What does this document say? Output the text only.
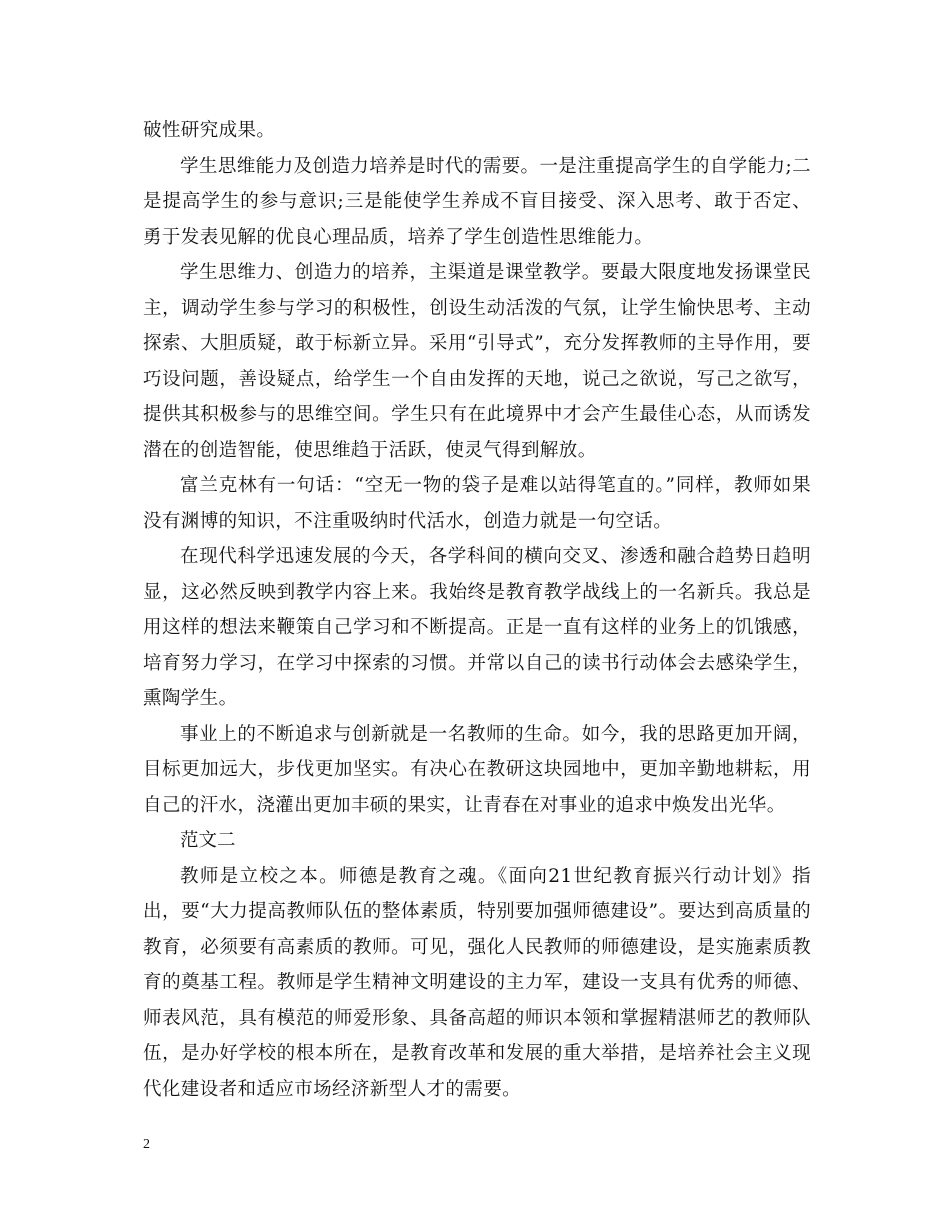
破性研究成果。

学生思维能力及创造力培养是时代的需要。一是注重提高学生的自学能力;二是提高学生的参与意识;三是能使学生养成不盲目接受、深入思考、敢于否定、勇于发表见解的优良心理品质，培养了学生创造性思维能力。

学生思维力、创造力的培养，主渠道是课堂教学。要最大限度地发扬课堂民主，调动学生参与学习的积极性，创设生动活泼的气氛，让学生愉快思考、主动探索、大胆质疑，敢于标新立异。采用“引导式”，充分发挥教师的主导作用，要巧设问题，善设疑点，给学生一个自由发挥的天地，说己之欲说，写己之欲写，提供其积极参与的思维空间。学生只有在此境界中才会产生最佳心态，从而诱发潜在的创造智能，使思维趋于活跃，使灵气得到解放。

富兰克林有一句话：“空无一物的袋子是难以站得笔直的。”同样，教师如果没有渊博的知识，不注重吸纳时代活水，创造力就是一句空话。

在现代科学迅速发展的今天，各学科间的横向交叉、渗透和融合趋势日趋明显，这必然反映到教学内容上来。我始终是教育教学战线上的一名新兵。我总是用这样的想法来鞭策自己学习和不断提高。正是一直有这样的业务上的饥饿感，培育努力学习，在学习中探索的习惯。并常以自己的读书行动体会去感染学生，熏陶学生。

事业上的不断追求与创新就是一名教师的生命。如今，我的思路更加开阔，目标更加远大，步伐更加坚实。有决心在教研这块园地中，更加辛勤地耕耘，用自己的汗水，浇灌出更加丰硕的果实，让青春在对事业的追求中焕发出光华。

范文二

教师是立校之本。师德是教育之魂。《面向21世纪教育振兴行动计划》指出，要“大力提高教师队伍的整体素质，特别要加强师德建设”。要达到高质量的教育，必须要有高素质的教师。可见，强化人民教师的师德建设，是实施素质教育的奠基工程。教师是学生精神文明建设的主力军，建设一支具有优秀的师德、师表风范，具有模范的师爱形象、具备高超的师识本领和掌握精湛师艺的教师队伍，是办好学校的根本所在，是教育改革和发展的重大举措，是培养社会主义现代化建设者和适应市场经济新型人才的需要。

2
